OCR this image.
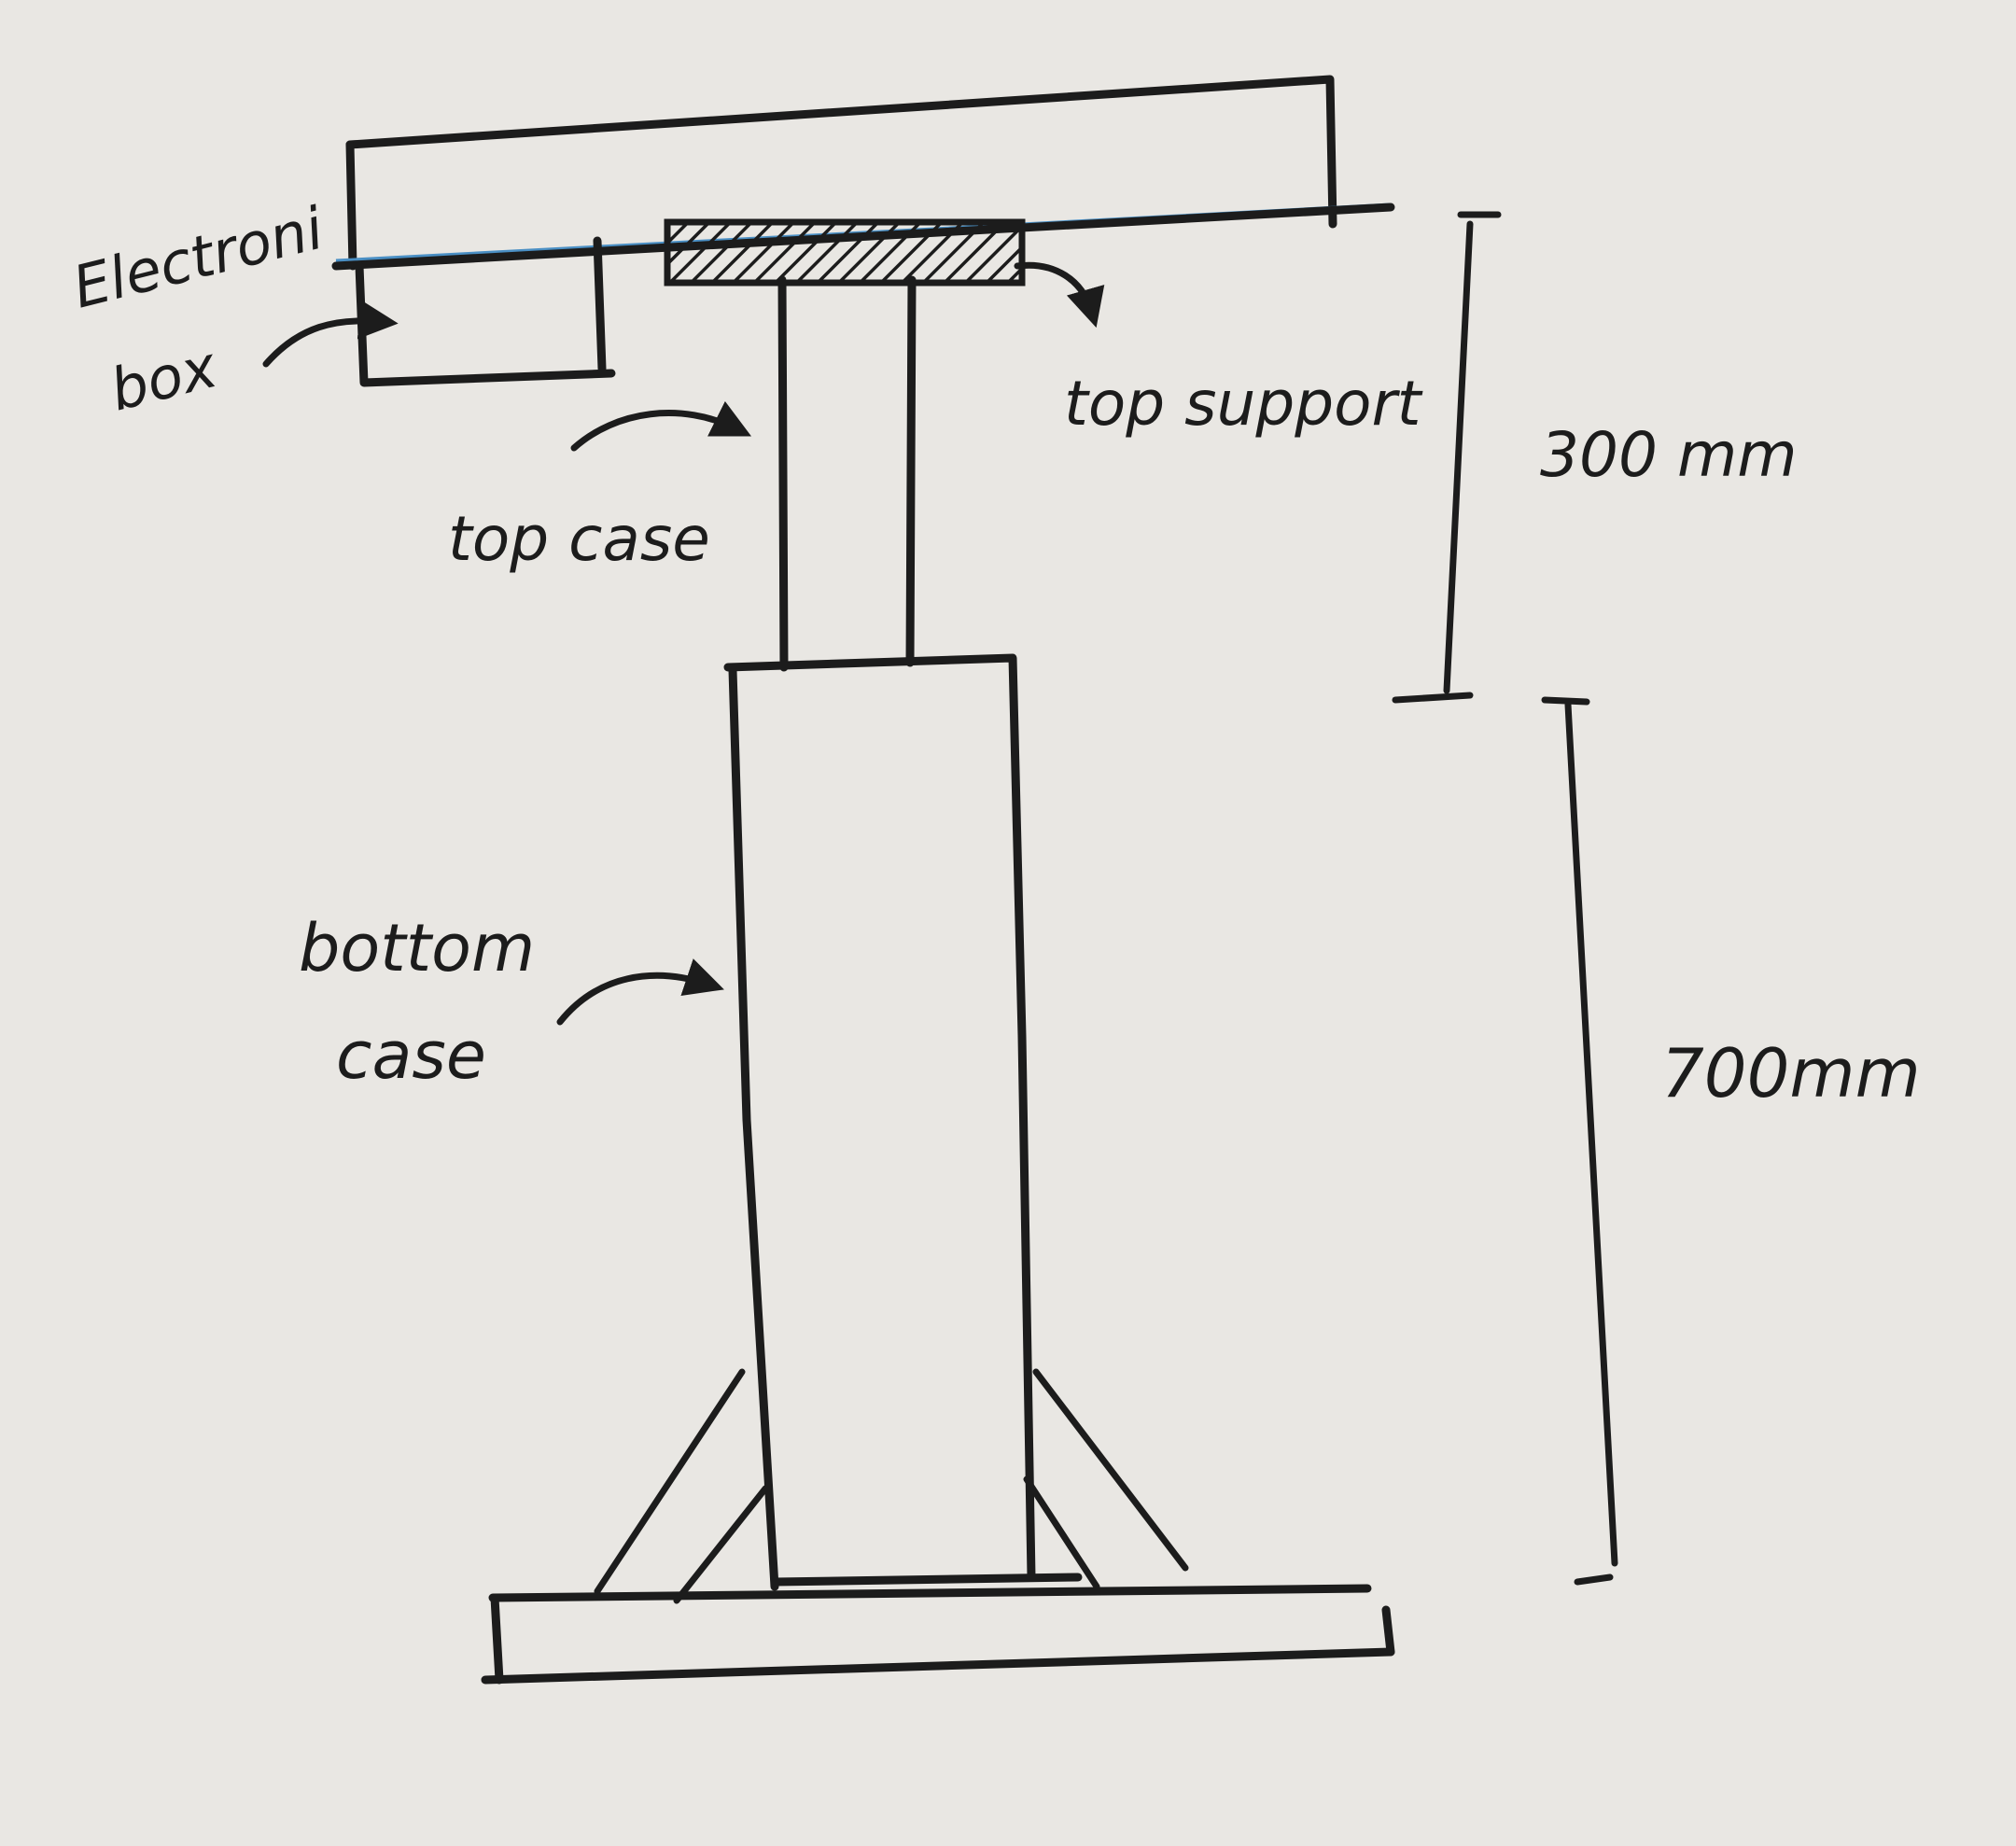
Electroni
box
top case
top support
bottom
case
300 mm
700mm
